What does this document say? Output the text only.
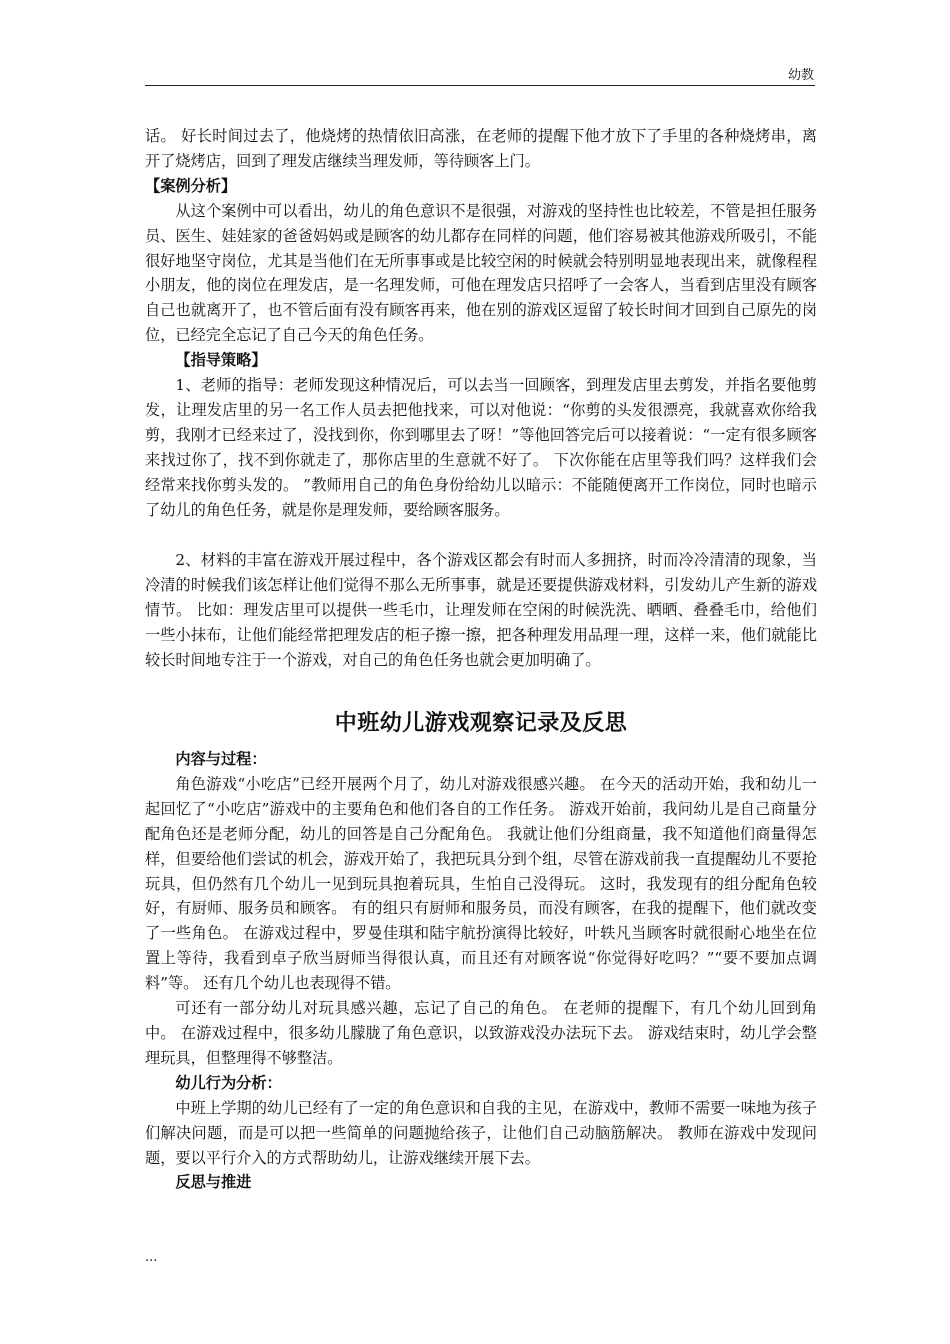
幼教

话。 好长时间过去了，他烧烤的热情依旧高涨，在老师的提醒下他才放下了手里的各种烧烤串，离开了烧烤店，回到了理发店继续当理发师，等待顾客上门。

【案例分析】

从这个案例中可以看出，幼儿的角色意识不是很强，对游戏的坚持性也比较差，不管是担任服务员、医生、娃娃家的爸爸妈妈或是顾客的幼儿都存在同样的问题，他们容易被其他游戏所吸引，不能很好地坚守岗位，尤其是当他们在无所事事或是比较空闲的时候就会特别明显地表现出来，就像程程小朋友，他的岗位在理发店，是一名理发师，可他在理发店只招呼了一会客人，当看到店里没有顾客自己也就离开了，也不管后面有没有顾客再来，他在别的游戏区逗留了较长时间才回到自己原先的岗位，已经完全忘记了自己今天的角色任务。

【指导策略】

1、老师的指导：老师发现这种情况后，可以去当一回顾客，到理发店里去剪发，并指名要他剪发，让理发店里的另一名工作人员去把他找来，可以对他说：“你剪的头发很漂亮，我就喜欢你给我剪，我刚才已经来过了，没找到你，你到哪里去了呀！”等他回答完后可以接着说：“一定有很多顾客来找过你了，找不到你就走了，那你店里的生意就不好了。 下次你能在店里等我们吗？这样我们会经常来找你剪头发的。 ”教师用自己的角色身份给幼儿以暗示：不能随便离开工作岗位，同时也暗示了幼儿的角色任务，就是你是理发师，要给顾客服务。

2、材料的丰富在游戏开展过程中，各个游戏区都会有时而人多拥挤，时而冷冷清清的现象，当冷清的时候我们该怎样让他们觉得不那么无所事事，就是还要提供游戏材料，引发幼儿产生新的游戏情节。 比如：理发店里可以提供一些毛巾，让理发师在空闲的时候洗洗、晒晒、叠叠毛巾，给他们一些小抹布，让他们能经常把理发店的柜子擦一擦，把各种理发用品理一理，这样一来，他们就能比较长时间地专注于一个游戏，对自己的角色任务也就会更加明确了。

中班幼儿游戏观察记录及反思

内容与过程：

角色游戏“小吃店”已经开展两个月了，幼儿对游戏很感兴趣。 在今天的活动开始，我和幼儿一起回忆了“小吃店”游戏中的主要角色和他们各自的工作任务。 游戏开始前，我问幼儿是自己商量分配角色还是老师分配，幼儿的回答是自己分配角色。 我就让他们分组商量，我不知道他们商量得怎样，但要给他们尝试的机会，游戏开始了，我把玩具分到个组，尽管在游戏前我一直提醒幼儿不要抢玩具，但仍然有几个幼儿一见到玩具抱着玩具，生怕自己没得玩。 这时，我发现有的组分配角色较好，有厨师、服务员和顾客。 有的组只有厨师和服务员，而没有顾客，在我的提醒下，他们就改变了一些角色。 在游戏过程中，罗曼佳琪和陆宇航扮演得比较好，叶轶凡当顾客时就很耐心地坐在位置上等待，我看到卓子欣当厨师当得很认真，而且还有对顾客说“你觉得好吃吗？”“要不要加点调料”等。 还有几个幼儿也表现得不错。

可还有一部分幼儿对玩具感兴趣，忘记了自己的角色。 在老师的提醒下，有几个幼儿回到角中。 在游戏过程中，很多幼儿朦胧了角色意识，以致游戏没办法玩下去。 游戏结束时，幼儿学会整理玩具，但整理得不够整洁。

幼儿行为分析：

中班上学期的幼儿已经有了一定的角色意识和自我的主见，在游戏中，教师不需要一味地为孩子们解决问题，而是可以把一些简单的问题抛给孩子，让他们自己动脑筋解决。 教师在游戏中发现问题，要以平行介入的方式帮助幼儿，让游戏继续开展下去。

反思与推进

...
